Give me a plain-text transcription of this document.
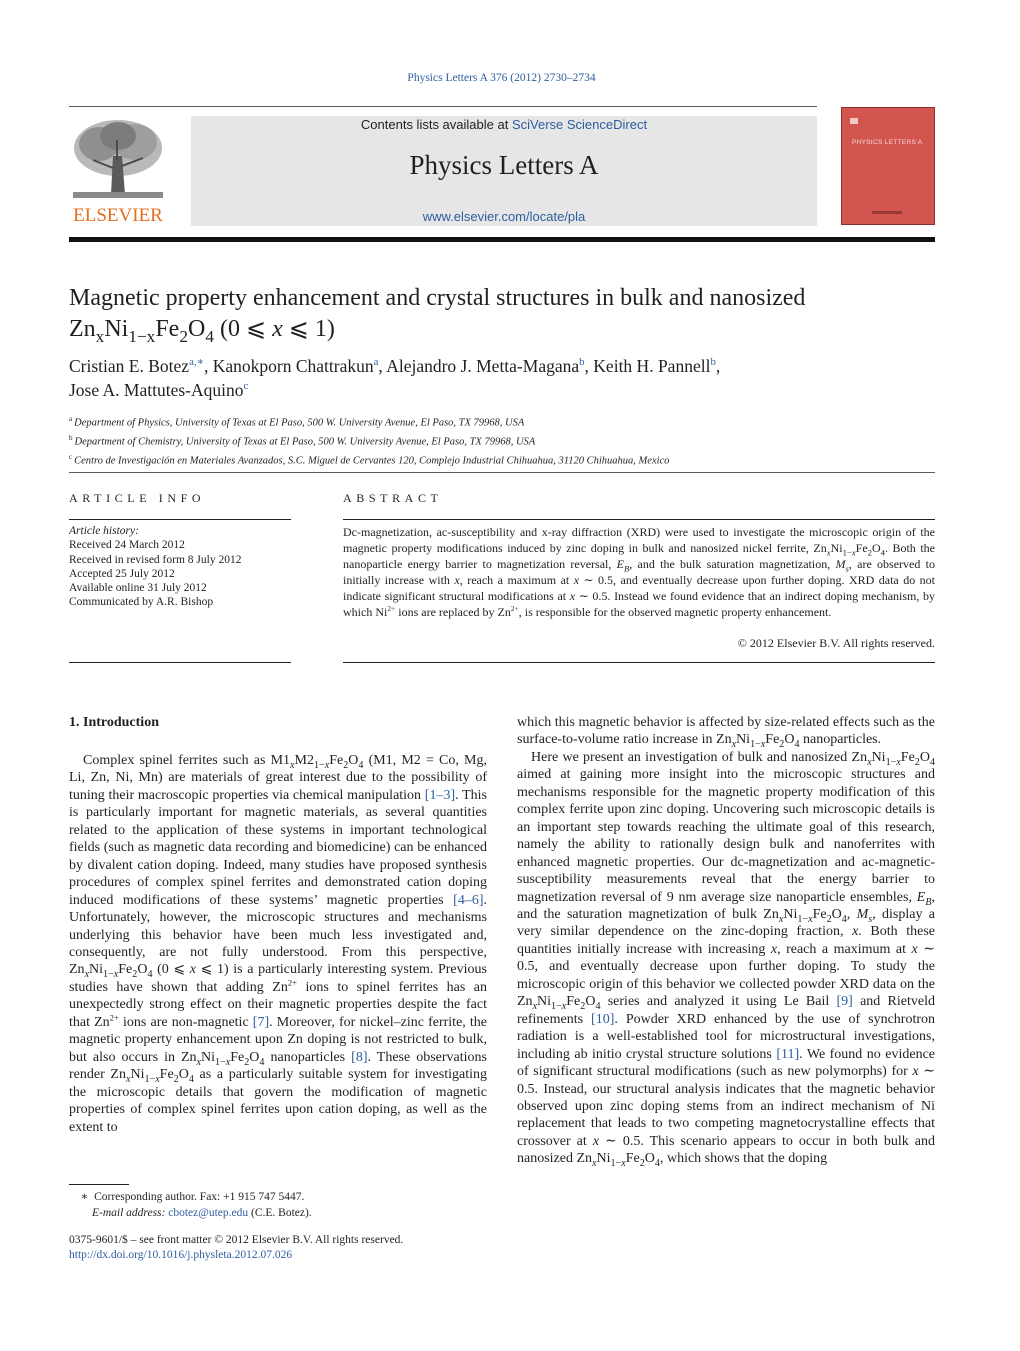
Physics Letters A 376 (2012) 2730–2734
ELSEVIER
Contents lists available at SciVerse ScienceDirect
Physics Letters A
www.elsevier.com/locate/pla
PHYSICS LETTERS A
Magnetic property enhancement and crystal structures in bulk and nanosized
$Zn_xNi_{1-x}Fe_2O_4$ (0 ⩽ x ⩽ 1)
Cristian E. Botez$^{a,∗}$, Kanokporn Chattrakun$^a$, Alejandro J. Metta-Magana$^b$, Keith H. Pannell$^b$,
Jose A. Mattutes-Aquino$^c$
$^a$ Department of Physics, University of Texas at El Paso, 500 W. University Avenue, El Paso, TX 79968, USA
$^b$ Department of Chemistry, University of Texas at El Paso, 500 W. University Avenue, El Paso, TX 79968, USA
$^c$ Centro de Investigación en Materiales Avanzados, S.C. Miguel de Cervantes 120, Complejo Industrial Chihuahua, 31120 Chihuahua, Mexico
ARTICLE INFO	ABSTRACT
Article history:
Received 24 March 2012
Received in revised form 8 July 2012
Accepted 25 July 2012
Available online 31 July 2012
Communicated by A.R. Bishop
Dc-magnetization, ac-susceptibility and x-ray diffraction (XRD) were used to investigate the microscopic origin of the magnetic property modifications induced by zinc doping in bulk and nanosized nickel ferrite, $Zn_xNi_{1-x}Fe_2O_4$. Both the nanoparticle energy barrier to magnetization reversal, $E_B$, and the bulk saturation magnetization, $M_s$, are observed to initially increase with x, reach a maximum at x ∼ 0.5, and eventually decrease upon further doping. XRD data do not indicate significant structural modifications at x ∼ 0.5. Instead we found evidence that an indirect doping mechanism, by which $Ni^{2+}$ ions are replaced by $Zn^{2+}$, is responsible for the observed magnetic property enhancement.
© 2012 Elsevier B.V. All rights reserved.
1. Introduction
 Complex spinel ferrites such as $M1_xM2_{1-x}Fe_2O_4$ (M1, M2 = Co, Mg, Li, Zn, Ni, Mn) are materials of great interest due to the possibility of tuning their macroscopic properties via chemical manipulation [1–3]. This is particularly important for magnetic materials, as several quantities related to the application of these systems in important technological fields (such as magnetic data recording and biomedicine) can be enhanced by divalent cation doping. Indeed, many studies have proposed synthesis procedures of complex spinel ferrites and demonstrated cation doping induced modifications of these systems’ magnetic properties [4–6]. Unfortunately, however, the microscopic structures and mechanisms underlying this behavior have been much less investigated and, consequently, are not fully understood. From this perspective, $Zn_xNi_{1-x}Fe_2O_4$ (0 ⩽ x ⩽ 1) is a particularly interesting system. Previous studies have shown that adding $Zn^{2+}$ ions to spinel ferrites has an unexpectedly strong effect on their magnetic properties despite the fact that $Zn^{2+}$ ions are non-magnetic [7]. Moreover, for nickel–zinc ferrite, the magnetic property enhancement upon Zn doping is not restricted to bulk, but also occurs in $Zn_xNi_{1-x}Fe_2O_4$ nanoparticles [8]. These observations render $Zn_xNi_{1-x}Fe_2O_4$ as a particularly suitable system for investigating the microscopic details that govern the modification of magnetic properties of complex spinel ferrites upon cation doping, as well as the extent to
which this magnetic behavior is affected by size-related effects such as the surface-to-volume ratio increase in $Zn_xNi_{1-x}Fe_2O_4$ nanoparticles.
 Here we present an investigation of bulk and nanosized $Zn_xNi_{1-x}Fe_2O_4$ aimed at gaining more insight into the microscopic structures and mechanisms responsible for the magnetic property modification of this complex ferrite upon zinc doping. Uncovering such microscopic details is an important step towards reaching the ultimate goal of this research, namely the ability to rationally design bulk and nanoferrites with enhanced magnetic properties. Our dc-magnetization and ac-magnetic-susceptibility measurements reveal that the energy barrier to magnetization reversal of 9 nm average size nanoparticle ensembles, $E_B$, and the saturation magnetization of bulk $Zn_xNi_{1-x}Fe_2O_4$, $M_s$, display a very similar dependence on the zinc-doping fraction, x. Both these quantities initially increase with increasing x, reach a maximum at x ∼ 0.5, and eventually decrease upon further doping. To study the microscopic origin of this behavior we collected powder XRD data on the $Zn_xNi_{1-x}Fe_2O_4$ series and analyzed it using Le Bail [9] and Rietveld refinements [10]. Powder XRD enhanced by the use of synchrotron radiation is a well-established tool for microstructural investigations, including ab initio crystal structure solutions [11]. We found no evidence of significant structural modifications (such as new polymorphs) for x ∼ 0.5. Instead, our structural analysis indicates that the magnetic behavior observed upon zinc doping stems from an indirect mechanism of Ni replacement that leads to two competing magnetocrystalline effects that crossover at x ∼ 0.5. This scenario appears to occur in both bulk and nanosized $Zn_xNi_{1-x}Fe_2O_4$, which shows that the doping
 ∗  Corresponding author. Fax: +1 915 747 5447.
  E-mail address: cbotez@utep.edu (C.E. Botez).
0375-9601/$ – see front matter © 2012 Elsevier B.V. All rights reserved.
http://dx.doi.org/10.1016/j.physleta.2012.07.026
